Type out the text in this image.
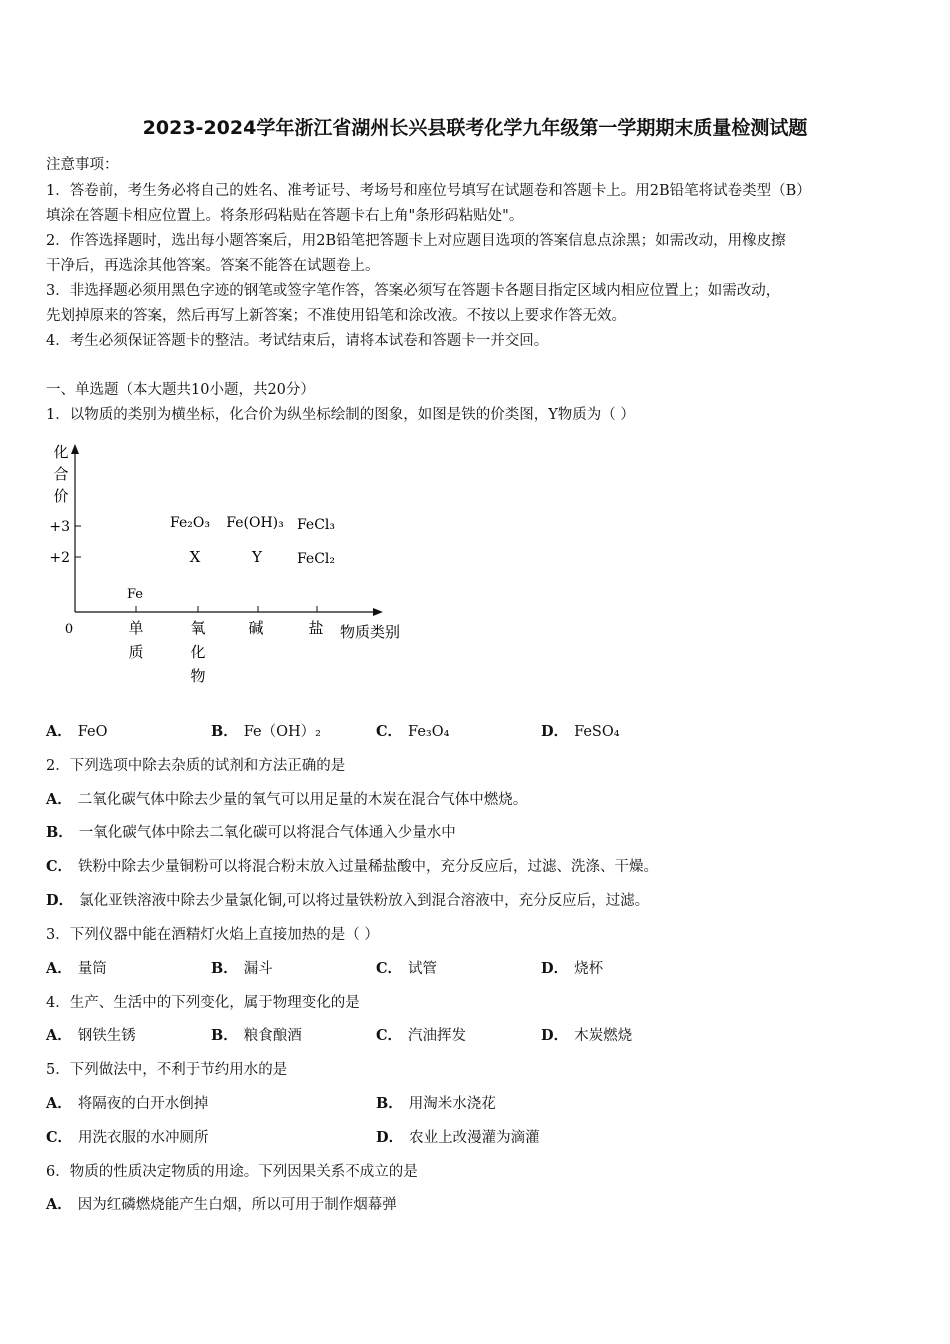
2023-2024学年浙江省湖州长兴县联考化学九年级第一学期期末质量检测试题
注意事项：
1．答卷前，考生务必将自己的姓名、准考证号、考场号和座位号填写在试题卷和答题卡上。用2B铅笔将试卷类型（B）
填涂在答题卡相应位置上。将条形码粘贴在答题卡右上角"条形码粘贴处"。
2．作答选择题时，选出每小题答案后，用2B铅笔把答题卡上对应题目选项的答案信息点涂黑；如需改动，用橡皮擦
干净后，再选涂其他答案。答案不能答在试题卷上。
3．非选择题必须用黑色字迹的钢笔或签字笔作答，答案必须写在答题卡各题目指定区域内相应位置上；如需改动，
先划掉原来的答案，然后再写上新答案；不准使用铅笔和涂改液。不按以上要求作答无效。
4．考生必须保证答题卡的整洁。考试结束后，请将本试卷和答题卡一并交回。
一、单选题（本大题共10小题，共20分）
1．以物质的类别为横坐标，化合价为纵坐标绘制的图象，如图是铁的价类图，Y物质为（ ）
化
合
价
+3
+2
0	单
质
氧
化
物
碱	盐 物质类别
Fe
Fe₂O₃ Fe(OH)₃ FeCl₃
X	Y	FeCl₂
A． FeO	B． Fe（OH）₂	C． Fe₃O₄	D． FeSO₄
2．下列选项中除去杂质的试剂和方法正确的是
A． 二氧化碳气体中除去少量的氧气可以用足量的木炭在混合气体中燃烧。
B． 一氧化碳气体中除去二氧化碳可以将混合气体通入少量水中
C． 铁粉中除去少量铜粉可以将混合粉末放入过量稀盐酸中，充分反应后，过滤、洗涤、干燥。
D． 氯化亚铁溶液中除去少量氯化铜,可以将过量铁粉放入到混合溶液中，充分反应后，过滤。
3．下列仪器中能在酒精灯火焰上直接加热的是（ ）
A． 量筒	B． 漏斗	C． 试管	D． 烧杯
4．生产、生活中的下列变化，属于物理变化的是
A． 钢铁生锈	B． 粮食酿酒	C． 汽油挥发	D． 木炭燃烧
5．下列做法中，不利于节约用水的是
A． 将隔夜的白开水倒掉	B． 用淘米水浇花
C． 用洗衣服的水冲厕所	D． 农业上改漫灌为滴灌
6．物质的性质决定物质的用途。下列因果关系不成立的是
A． 因为红磷燃烧能产生白烟，所以可用于制作烟幕弹
